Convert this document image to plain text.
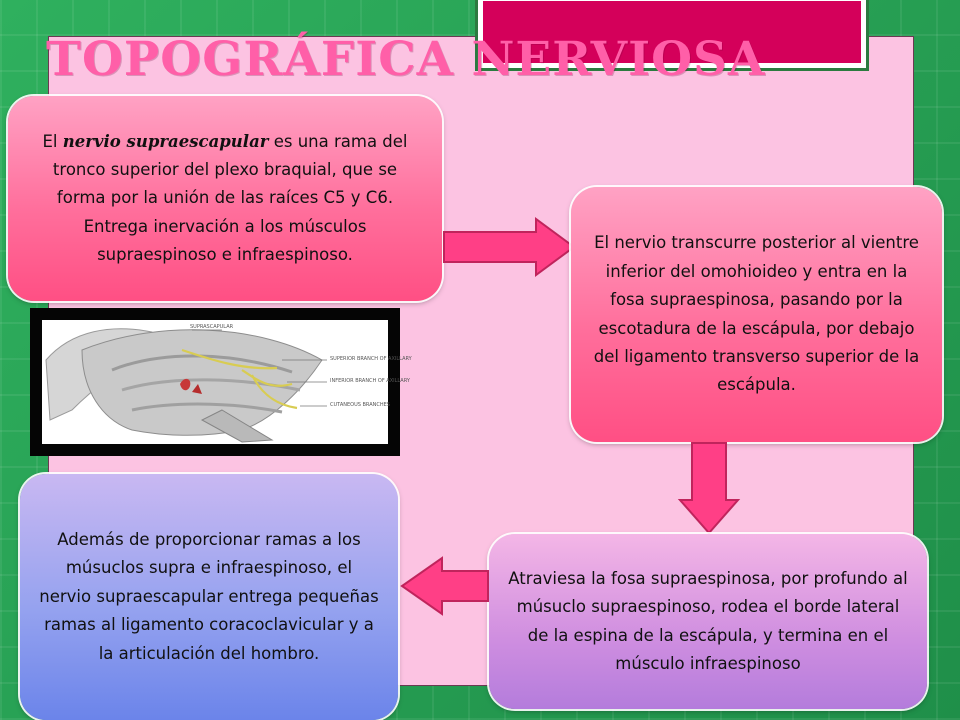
TOPOGRÁFICA NERVIOSA

El nervio supraescapular es una rama del tronco superior del plexo braquial, que se forma por la unión de las raíces C5 y C6. Entrega inervación a los músculos supraespinoso e infraespinoso.

El nervio transcurre posterior al vientre inferior del omohioideo y entra en la fosa supraespinosa, pasando por la escotadura de la escápula, por debajo del ligamento transverso superior de la escápula.

SUPRASCAPULAR
SUPERIOR BRANCH OF AXILLARY
INFERIOR BRANCH OF AXILLARY
CUTANEOUS BRANCHES

Atraviesa la fosa supraespinosa, por profundo al músuclo supraespinoso, rodea el borde lateral de la espina de la escápula, y termina en el músculo infraespinoso

Además de proporcionar ramas a los músuclos supra e infraespinoso, el nervio supraescapular entrega pequeñas ramas al ligamento coracoclavicular y a la articulación del hombro.
